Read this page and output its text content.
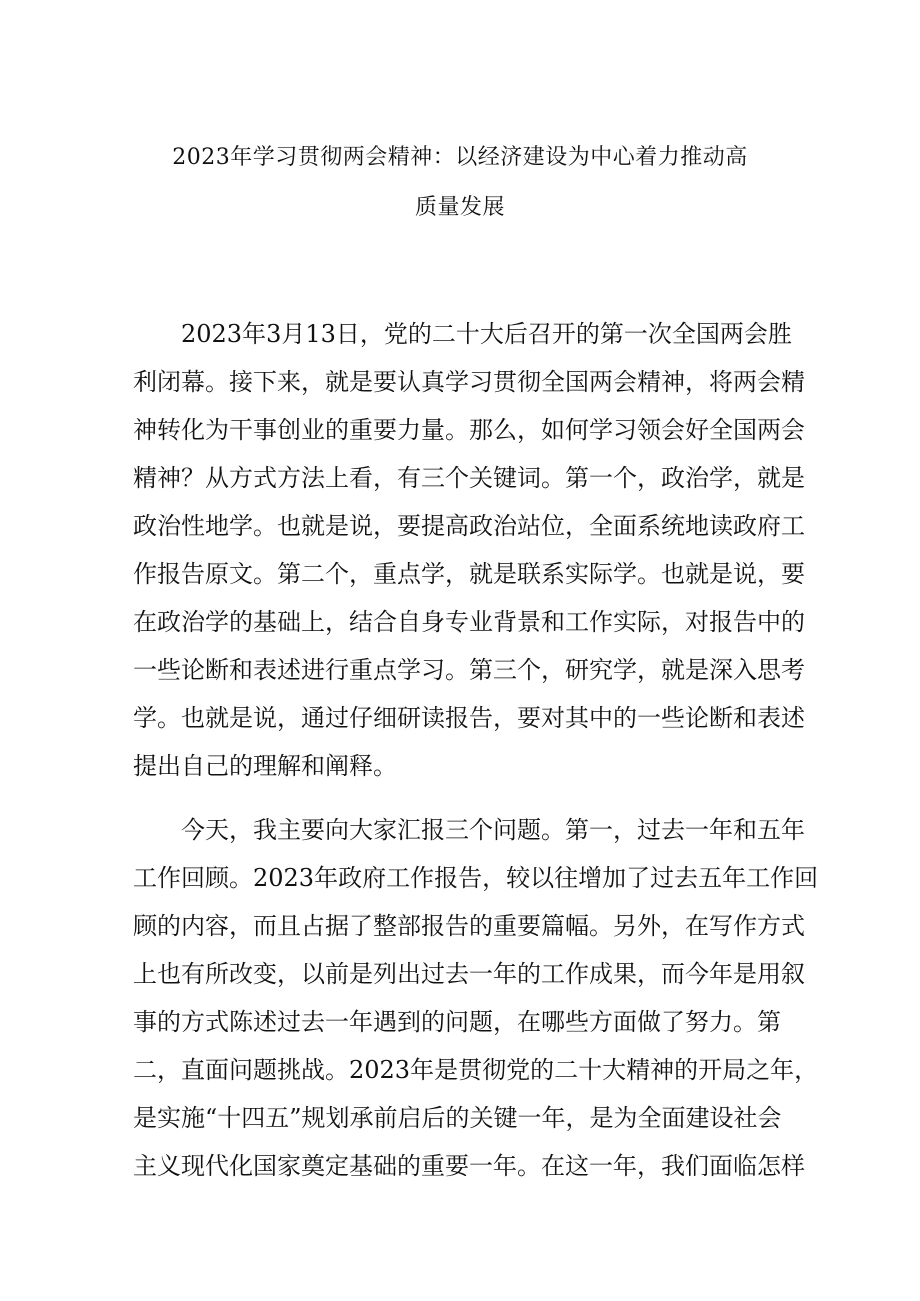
2023年学习贯彻两会精神：以经济建设为中心着力推动高
质量发展
2023年3月13日，党的二十大后召开的第一次全国两会胜
利闭幕。接下来，就是要认真学习贯彻全国两会精神，将两会精
神转化为干事创业的重要力量。那么，如何学习领会好全国两会
精神？从方式方法上看，有三个关键词。第一个，政治学，就是
政治性地学。也就是说，要提高政治站位，全面系统地读政府工
作报告原文。第二个，重点学，就是联系实际学。也就是说，要
在政治学的基础上，结合自身专业背景和工作实际，对报告中的
一些论断和表述进行重点学习。第三个，研究学，就是深入思考
学。也就是说，通过仔细研读报告，要对其中的一些论断和表述
提出自己的理解和阐释。
今天，我主要向大家汇报三个问题。第一，过去一年和五年
工作回顾。2023年政府工作报告，较以往增加了过去五年工作回
顾的内容，而且占据了整部报告的重要篇幅。另外，在写作方式
上也有所改变，以前是列出过去一年的工作成果，而今年是用叙
事的方式陈述过去一年遇到的问题，在哪些方面做了努力。第
二，直面问题挑战。2023年是贯彻党的二十大精神的开局之年，
是实施“十四五”规划承前启后的关键一年，是为全面建设社会
主义现代化国家奠定基础的重要一年。在这一年，我们面临怎样
